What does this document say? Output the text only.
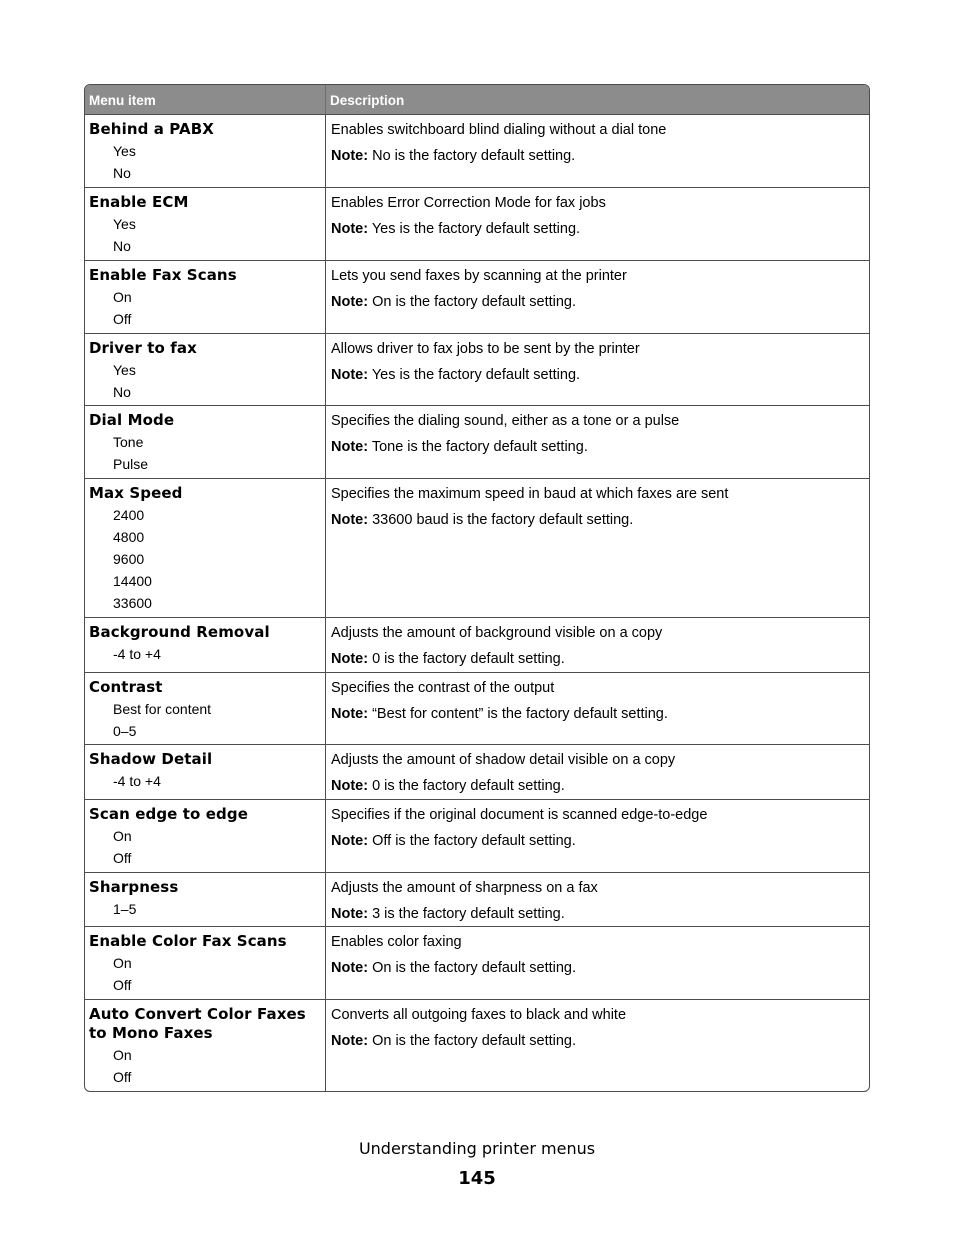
Menu item	Description
Behind a PABX
Yes
No
Enables switchboard blind dialing without a dial tone
Note: No is the factory default setting.
Enable ECM
Yes
No
Enables Error Correction Mode for fax jobs
Note: Yes is the factory default setting.
Enable Fax Scans
On
Off
Lets you send faxes by scanning at the printer
Note: On is the factory default setting.
Driver to fax
Yes
No
Allows driver to fax jobs to be sent by the printer
Note: Yes is the factory default setting.
Dial Mode
Tone
Pulse
Specifies the dialing sound, either as a tone or a pulse
Note: Tone is the factory default setting.
Max Speed
2400
4800
9600
14400
33600
Specifies the maximum speed in baud at which faxes are sent
Note: 33600 baud is the factory default setting.
Background Removal
-4 to +4
Adjusts the amount of background visible on a copy
Note: 0 is the factory default setting.
Contrast
Best for content
0–5
Specifies the contrast of the output
Note: “Best for content” is the factory default setting.
Shadow Detail
-4 to +4
Adjusts the amount of shadow detail visible on a copy
Note: 0 is the factory default setting.
Scan edge to edge
On
Off
Specifies if the original document is scanned edge-to-edge
Note: Off is the factory default setting.
Sharpness
1–5
Adjusts the amount of sharpness on a fax
Note: 3 is the factory default setting.
Enable Color Fax Scans
On
Off
Enables color faxing
Note: On is the factory default setting.
Auto Convert Color Faxes to Mono Faxes
On
Off
Converts all outgoing faxes to black and white
Note: On is the factory default setting.
Understanding printer menus
145
